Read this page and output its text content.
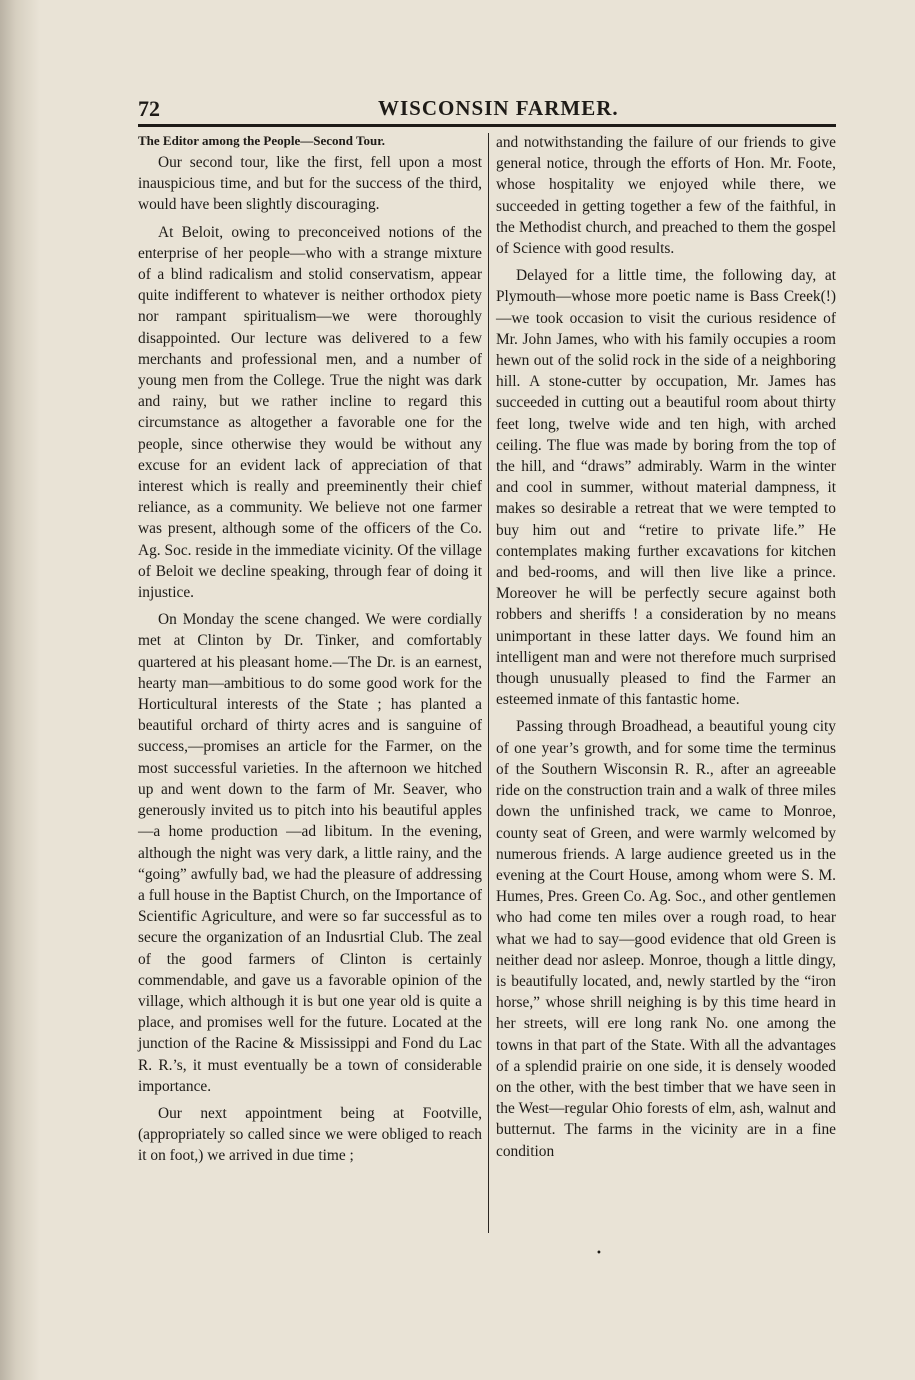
72	WISCONSIN FARMER.
The Editor among the People—Second Tour.

Our second tour, like the first, fell upon a most inauspicious time, and but for the success of the third, would have been slightly discouraging.

At Beloit, owing to preconceived notions of the enterprise of her people—who with a strange mixture of a blind radicalism and stolid conservatism, appear quite indifferent to whatever is neither orthodox piety nor rampant spiritualism—we were thoroughly disappointed. Our lecture was delivered to a few merchants and professional men, and a number of young men from the College. True the night was dark and rainy, but we rather incline to regard this circumstance as altogether a favorable one for the people, since otherwise they would be without any excuse for an evident lack of appreciation of that interest which is really and preeminently their chief reliance, as a community. We believe not one farmer was present, although some of the officers of the Co. Ag. Soc. reside in the immediate vicinity. Of the village of Beloit we decline speaking, through fear of doing it injustice.

On Monday the scene changed. We were cordially met at Clinton by Dr. Tinker, and comfortably quartered at his pleasant home.—The Dr. is an earnest, hearty man—ambitious to do some good work for the Horticultural interests of the State ; has planted a beautiful orchard of thirty acres and is sanguine of success,—promises an article for the Farmer, on the most successful varieties. In the afternoon we hitched up and went down to the farm of Mr. Seaver, who generously invited us to pitch into his beautiful apples—a home production —ad libitum. In the evening, although the night was very dark, a little rainy, and the “going” awfully bad, we had the pleasure of addressing a full house in the Baptist Church, on the Importance of Scientific Agriculture, and were so far successful as to secure the organization of an Indusrtial Club. The zeal of the good farmers of Clinton is certainly commendable, and gave us a favorable opinion of the village, which although it is but one year old is quite a place, and promises well for the future. Located at the junction of the Racine & Mississippi and Fond du Lac R. R.’s, it must eventually be a town of considerable importance.

Our next appointment being at Footville, (appropriately so called since we were obliged to reach it on foot,) we arrived in due time ;

and notwithstanding the failure of our friends to give general notice, through the efforts of Hon. Mr. Foote, whose hospitality we enjoyed while there, we succeeded in getting together a few of the faithful, in the Methodist church, and preached to them the gospel of Science with good results.

Delayed for a little time, the following day, at Plymouth—whose more poetic name is Bass Creek(!)—we took occasion to visit the curious residence of Mr. John James, who with his family occupies a room hewn out of the solid rock in the side of a neighboring hill. A stone-cutter by occupation, Mr. James has succeeded in cutting out a beautiful room about thirty feet long, twelve wide and ten high, with arched ceiling. The flue was made by boring from the top of the hill, and “draws” admirably. Warm in the winter and cool in summer, without material dampness, it makes so desirable a retreat that we were tempted to buy him out and “retire to private life.” He contemplates making further excavations for kitchen and bed-rooms, and will then live like a prince. Moreover he will be perfectly secure against both robbers and sheriffs ! a consideration by no means unimportant in these latter days. We found him an intelligent man and were not therefore much surprised though unusually pleased to find the Farmer an esteemed inmate of this fantastic home.

Passing through Broadhead, a beautiful young city of one year’s growth, and for some time the terminus of the Southern Wisconsin R. R., after an agreeable ride on the construction train and a walk of three miles down the unfinished track, we came to Monroe, county seat of Green, and were warmly welcomed by numerous friends. A large audience greeted us in the evening at the Court House, among whom were S. M. Humes, Pres. Green Co. Ag. Soc., and other gentlemen who had come ten miles over a rough road, to hear what we had to say—good evidence that old Green is neither dead nor asleep. Monroe, though a little dingy, is beautifully located, and, newly startled by the “iron horse,” whose shrill neighing is by this time heard in her streets, will ere long rank No. one among the towns in that part of the State. With all the advantages of a splendid prairie on one side, it is densely wooded on the other, with the best timber that we have seen in the West—regular Ohio forests of elm, ash, walnut and butternut. The farms in the vicinity are in a fine condition

•
